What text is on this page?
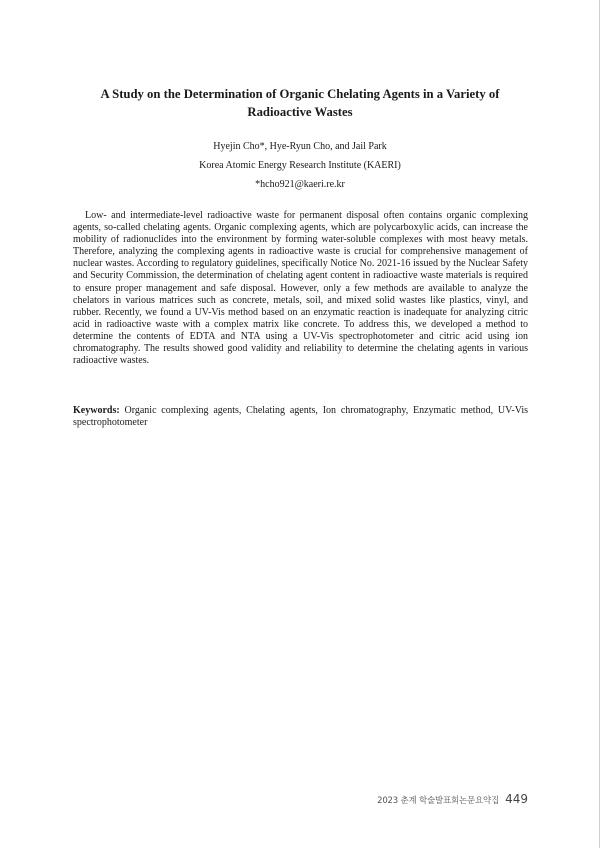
A Study on the Determination of Organic Chelating Agents in a Variety of Radioactive Wastes
Hyejin Cho*, Hye-Ryun Cho, and Jail Park
Korea Atomic Energy Research Institute (KAERI)
*hcho921@kaeri.re.kr

Low- and intermediate-level radioactive waste for permanent disposal often contains organic complexing agents, so-called chelating agents. Organic complexing agents, which are polycarboxylic acids, can increase the mobility of radionuclides into the environment by forming water-soluble complexes with most heavy metals. Therefore, analyzing the complexing agents in radioactive waste is crucial for comprehensive management of nuclear wastes. According to regulatory guidelines, specifically Notice No. 2021-16 issued by the Nuclear Safety and Security Commission, the determination of chelating agent content in radioactive waste materials is required to ensure proper management and safe disposal. However, only a few methods are available to analyze the chelators in various matrices such as concrete, metals, soil, and mixed solid wastes like plastics, vinyl, and rubber. Recently, we found a UV-Vis method based on an enzymatic reaction is inadequate for analyzing citric acid in radioactive waste with a complex matrix like concrete. To address this, we developed a method to determine the contents of EDTA and NTA using a UV-Vis spectrophotometer and citric acid using ion chromatography. The results showed good validity and reliability to determine the chelating agents in various radioactive wastes.

Keywords: Organic complexing agents, Chelating agents, Ion chromatography, Enzymatic method, UV-Vis spectrophotometer

2023 춘계 학술발표회논문요약집 449
